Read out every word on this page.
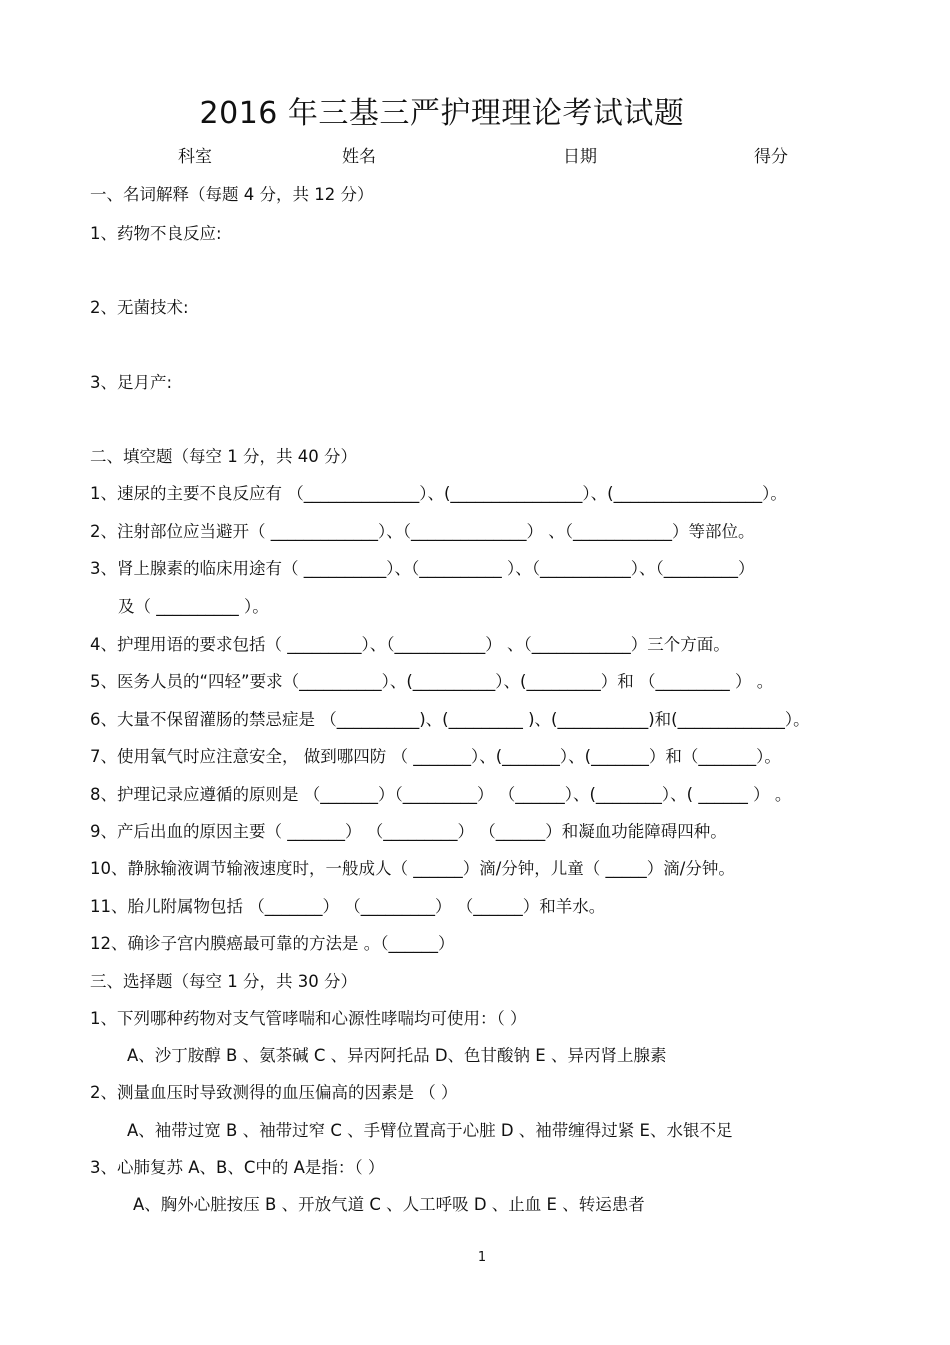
2016 年三基三严护理理论考试试题
科室	姓名	日期	得分
一、名词解释（每题 4 分，共 12 分）
1、药物不良反应:
2、无菌技术:
3、足月产:
二、填空题（每空 1 分，共 40 分）
1、速尿的主要不良反应有 （______________）、(________________）、(__________________）。
2、注射部位应当避开（ _____________）、（______________） 、（____________）等部位。
3、肾上腺素的临床用途有（ __________）、（__________ ）、（___________）、（_________）
及（ __________ ）。
4、护理用语的要求包括（ _________）、（___________） 、（____________）三个方面。
5、医务人员的“四轻”要求（__________）、(__________）、(_________）和 （_________ ） 。
6、大量不保留灌肠的禁忌症是 （__________)、(_________ )、(___________)和(_____________）。
7、使用氧气时应注意安全， 做到哪四防 （ _______）、(_______）、(_______）和（_______）。
8、护理记录应遵循的原则是 （_______）（_________） （______）、(________）、( ______ ） 。
9、产后出血的原因主要（ _______） （_________） （______）和凝血功能障碍四种。
10、静脉输液调节输液速度时，一般成人（ ______）滴/分钟，儿童（ _____）滴/分钟。
11、胎儿附属物包括 （_______） （_________） （______）和羊水。
12、确诊子宫内膜癌最可靠的方法是 。（______）
三、选择题（每空 1 分，共 30 分）
1、下列哪种药物对支气管哮喘和心源性哮喘均可使用：（ ）
A、沙丁胺醇 B 、氨茶碱 C 、异丙阿托品 D、色甘酸钠 E 、异丙肾上腺素
2、测量血压时导致测得的血压偏高的因素是 （ ）
A、袖带过宽 B 、袖带过窄 C 、手臂位置高于心脏 D 、袖带缠得过紧 E、水银不足
3、心肺复苏 A、B、C中的 A是指：（ ）
A、胸外心脏按压 B 、开放气道 C 、人工呼吸 D 、止血 E 、转运患者
1
